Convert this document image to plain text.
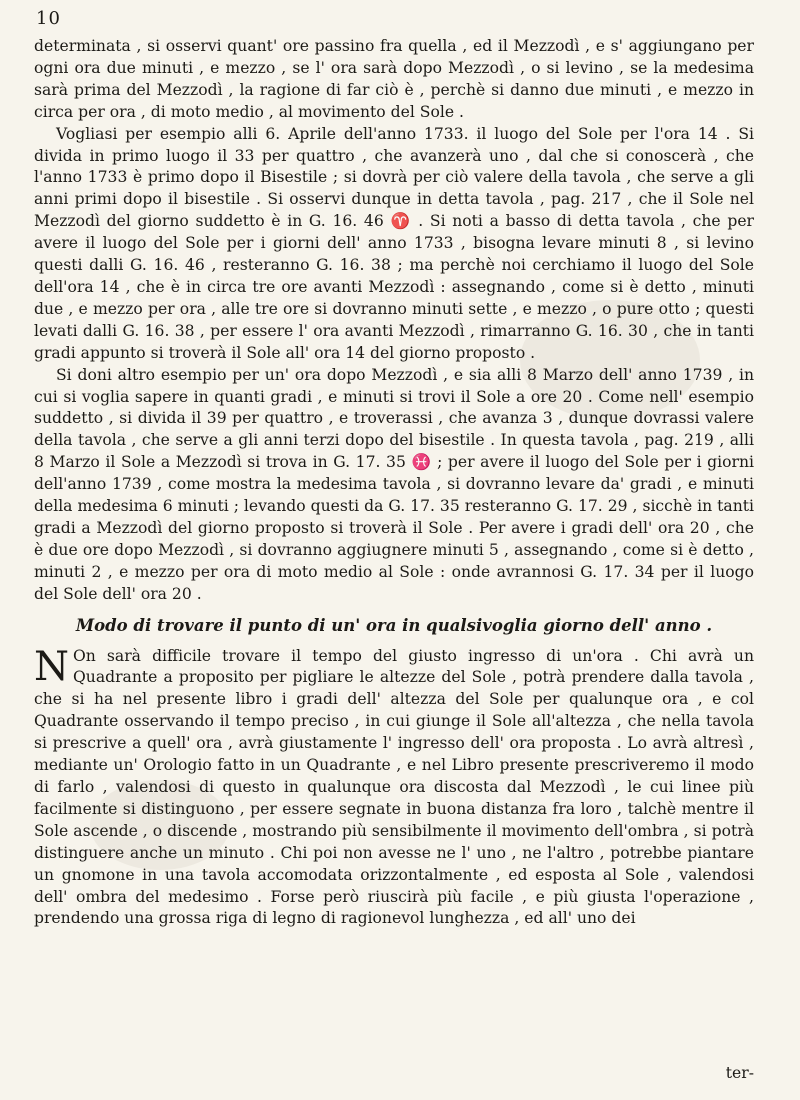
10

determinata , si osservi quant' ore passino fra quella , ed il Mezzodì , e s' aggiungano per ogni ora due minuti , e mezzo , se l' ora sarà dopo Mezzodì , o si levino , se la medesima sarà prima del Mezzodì , la ragione di far ciò è , perchè si danno due minuti , e mezzo in circa per ora , di moto medio , al movimento del Sole .

Vogliasi per esempio alli 6. Aprile dell'anno 1733. il luogo del Sole per l'ora 14 . Si divida in primo luogo il 33 per quattro , che avanzerà uno , dal che si conoscerà , che l'anno 1733 è primo dopo il Bisestile ; si dovrà per ciò valere della tavola , che serve a gli anni primi dopo il bisestile . Si osservi dunque in detta tavola , pag. 217 , che il Sole nel Mezzodì del giorno suddetto è in G. 16. 46 ♈ . Si noti a basso di detta tavola , che per avere il luogo del Sole per i giorni dell' anno 1733 , bisogna levare minuti 8 , si levino questi dalli G. 16. 46 , resteranno G. 16. 38 ; ma perchè noi cerchiamo il luogo del Sole dell'ora 14 , che è in circa tre ore avanti Mezzodì : assegnando , come si è detto , minuti due , e mezzo per ora , alle tre ore si dovranno minuti sette , e mezzo , o pure otto ; questi levati dalli G. 16. 38 , per essere l' ora avanti Mezzodì , rimarranno G. 16. 30 , che in tanti gradi appunto si troverà il Sole all' ora 14 del giorno proposto .

Si doni altro esempio per un' ora dopo Mezzodì , e sia alli 8 Marzo dell' anno 1739 , in cui si voglia sapere in quanti gradi , e minuti si trovi il Sole a ore 20 . Come nell' esempio suddetto , si divida il 39 per quattro , e troverassi , che avanza 3 , dunque dovrassi valere della tavola , che serve a gli anni terzi dopo del bisestile . In questa tavola , pag. 219 , alli 8 Marzo il Sole a Mezzodì si trova in G. 17. 35 ♓ ; per avere il luogo del Sole per i giorni dell'anno 1739 , come mostra la medesima tavola , si dovranno levare da' gradi , e minuti della medesima 6 minuti ; levando questi da G. 17. 35 resteranno G. 17. 29 , sicchè in tanti gradi a Mezzodì del giorno proposto si troverà il Sole . Per avere i gradi dell' ora 20 , che è due ore dopo Mezzodì , si dovranno aggiugnere minuti 5 , assegnando , come si è detto , minuti 2 , e mezzo per ora di moto medio al Sole : onde avrannosi G. 17. 34 per il luogo del Sole dell' ora 20 .

Modo di trovare il punto di un' ora in qualsivoglia giorno dell' anno .

N On sarà difficile trovare il tempo del giusto ingresso di un'ora . Chi avrà un Quadrante a proposito per pigliare le altezze del Sole , potrà prendere dalla tavola , che si ha nel presente libro i gradi dell' altezza del Sole per qualunque ora , e col Quadrante osservando il tempo preciso , in cui giunge il Sole all'altezza , che nella tavola si prescrive a quell' ora , avrà giustamente l' ingresso dell' ora proposta . Lo avrà altresì , mediante un' Orologio fatto in un Quadrante , e nel Libro presente prescriveremo il modo di farlo , valendosi di questo in qualunque ora discosta dal Mezzodì , le cui linee più facilmente si distinguono , per essere segnate in buona distanza fra loro , talchè mentre il Sole ascende , o discende , mostrando più sensibilmente il movimento dell'ombra , si potrà distinguere anche un minuto . Chi poi non avesse ne l' uno , ne l'altro , potrebbe piantare un gnomone in una tavola accomodata orizzontalmente , ed esposta al Sole , valendosi dell' ombra del medesimo . Forse però riuscirà più facile , e più giusta l'operazione , prendendo una grossa riga di legno di ragionevol lunghezza , ed all' uno dei

ter-
